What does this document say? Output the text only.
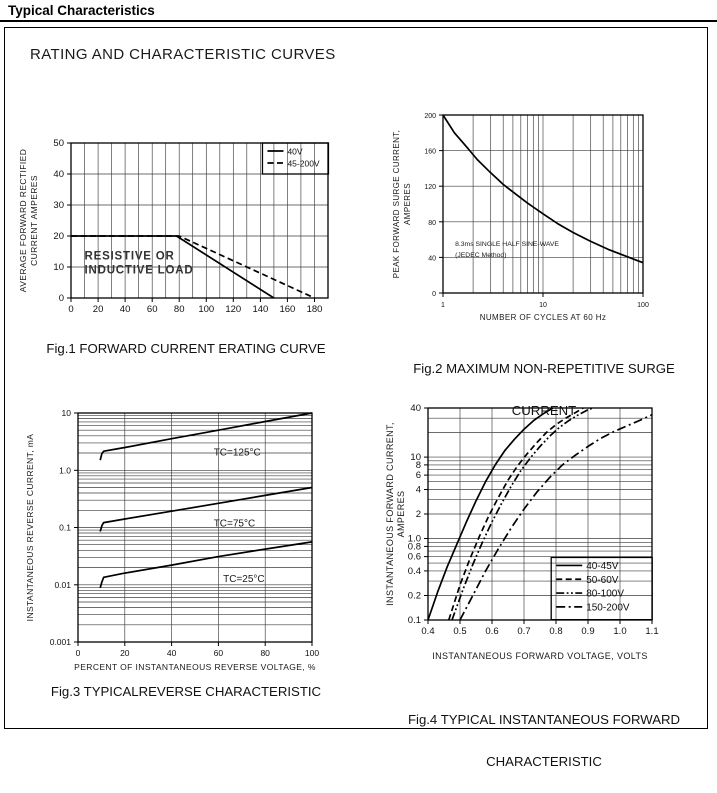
Typical Characteristics
RATING AND CHARACTERISTIC CURVES
0 20 40 60 80 100 120 140 160 180
0
10
20
30
40
50
AVERAGE FORWARD RECTIFIED CURRENT AMPERES	RESISTIVE OR
INDUCTIVE LOAD
40V
45-200V
1	10	100
0
40
80
120
160
200
NUMBER OF CYCLES AT 60 Hz
PEAK FORWARD SURGE CURRENT, AMPERES
8.3ms SINGLE HALF SINE-WAVE
(JEDEC Method)
0	20	40	60	80	100
10
1.0
0.1
0.01
0.001
PERCENT OF INSTANTANEOUS REVERSE VOLTAGE, %
INSTANTANEOUS REVERSE CURRENT, mA	TC=125°C
TC=75°C
TC=25°C
0.4 0.5 0.6 0.7 0.8 0.9 1.0 1.1
40
10
8
6
4
2
1.0
0.8
0.6
0.4
0.2
0.1
INSTANTANEOUS FORWARD VOLTAGE, VOLTS
INSTANTANEOUS FORWARD CURRENT, AMPERES
40-45V
50-60V
80-100V
150-200V
Fig.1 FORWARD CURRENT ERATING CURVE

Fig.2 MAXIMUM NON-REPETITIVE SURGE

CURRENT

Fig.3 TYPICALREVERSE CHARACTERISTIC

Fig.4 TYPICAL INSTANTANEOUS FORWARD

CHARACTERISTIC
